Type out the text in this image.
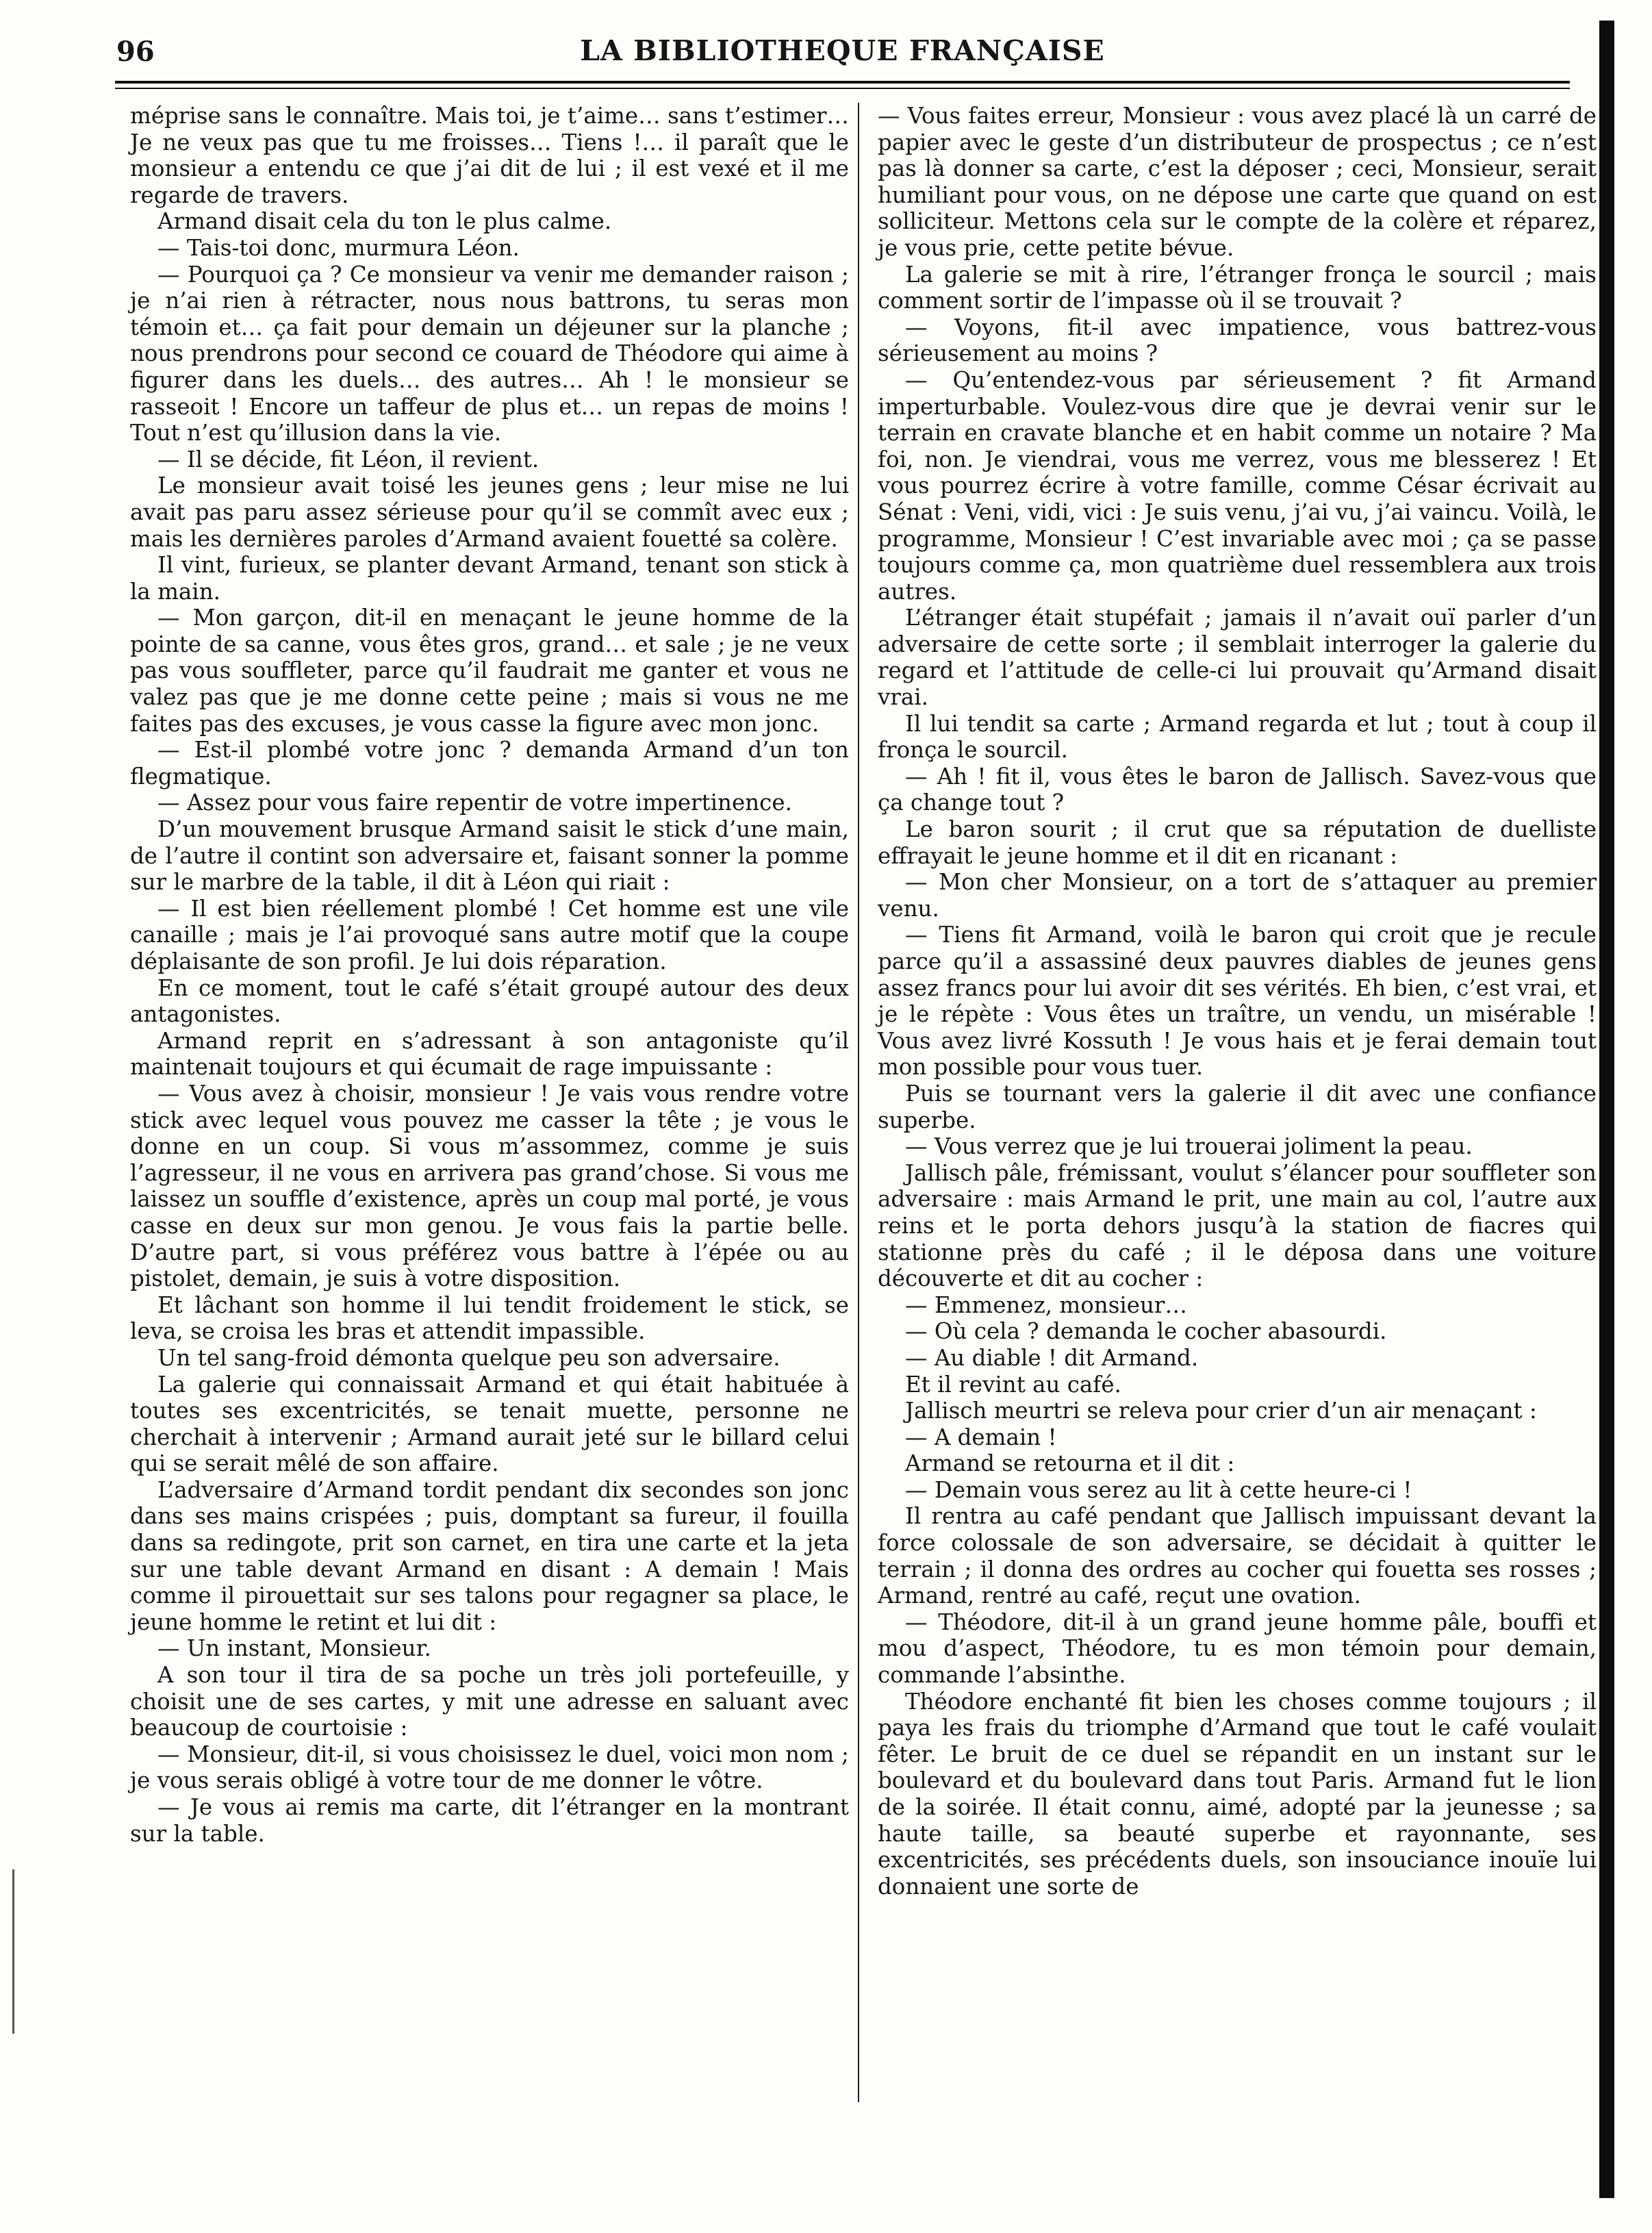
96	LA BIBLIOTHEQUE FRANÇAISE

méprise sans le connaître. Mais toi, je t’aime… sans t’estimer… Je ne veux pas que tu me froisses… Tiens !… il paraît que le monsieur a entendu ce que j’ai dit de lui ; il est vexé et il me regarde de travers.

Armand disait cela du ton le plus calme.

— Tais-toi donc, murmura Léon.

— Pourquoi ça ? Ce monsieur va venir me demander raison ; je n’ai rien à rétracter, nous nous battrons, tu seras mon témoin et… ça fait pour demain un déjeuner sur la planche ; nous prendrons pour second ce couard de Théodore qui aime à figurer dans les duels… des autres… Ah ! le monsieur se rasseoit ! Encore un taffeur de plus et… un repas de moins ! Tout n’est qu’illusion dans la vie.

— Il se décide, fit Léon, il revient.

Le monsieur avait toisé les jeunes gens ; leur mise ne lui avait pas paru assez sérieuse pour qu’il se commît avec eux ; mais les dernières paroles d’Armand avaient fouetté sa colère.

Il vint, furieux, se planter devant Armand, tenant son stick à la main.

— Mon garçon, dit-il en menaçant le jeune homme de la pointe de sa canne, vous êtes gros, grand… et sale ; je ne veux pas vous souffleter, parce qu’il faudrait me ganter et vous ne valez pas que je me donne cette peine ; mais si vous ne me faites pas des excuses, je vous casse la figure avec mon jonc.

— Est-il plombé votre jonc ? demanda Armand d’un ton flegmatique.

— Assez pour vous faire repentir de votre impertinence.

D’un mouvement brusque Armand saisit le stick d’une main, de l’autre il contint son adversaire et, faisant sonner la pomme sur le marbre de la table, il dit à Léon qui riait :

— Il est bien réellement plombé ! Cet homme est une vile canaille ; mais je l’ai provoqué sans autre motif que la coupe déplaisante de son profil. Je lui dois réparation.

En ce moment, tout le café s’était groupé autour des deux antagonistes.

Armand reprit en s’adressant à son antagoniste qu’il maintenait toujours et qui écumait de rage impuissante :

— Vous avez à choisir, monsieur ! Je vais vous rendre votre stick avec lequel vous pouvez me casser la tête ; je vous le donne en un coup. Si vous m’assommez, comme je suis l’agresseur, il ne vous en arrivera pas grand’chose. Si vous me laissez un souffle d’existence, après un coup mal porté, je vous casse en deux sur mon genou. Je vous fais la partie belle. D’autre part, si vous préférez vous battre à l’épée ou au pistolet, demain, je suis à votre disposition.

Et lâchant son homme il lui tendit froidement le stick, se leva, se croisa les bras et attendit impassible.

Un tel sang-froid démonta quelque peu son adversaire.

La galerie qui connaissait Armand et qui était habituée à toutes ses excentricités, se tenait muette, personne ne cherchait à intervenir ; Armand aurait jeté sur le billard celui qui se serait mêlé de son affaire.

L’adversaire d’Armand tordit pendant dix secondes son jonc dans ses mains crispées ; puis, domptant sa fureur, il fouilla dans sa redingote, prit son carnet, en tira une carte et la jeta sur une table devant Armand en disant : A demain ! Mais comme il pirouettait sur ses talons pour regagner sa place, le jeune homme le retint et lui dit :

— Un instant, Monsieur.

A son tour il tira de sa poche un très joli portefeuille, y choisit une de ses cartes, y mit une adresse en saluant avec beaucoup de courtoisie :

— Monsieur, dit-il, si vous choisissez le duel, voici mon nom ; je vous serais obligé à votre tour de me donner le vôtre.

— Je vous ai remis ma carte, dit l’étranger en la montrant sur la table.

— Vous faites erreur, Monsieur : vous avez placé là un carré de papier avec le geste d’un distributeur de prospectus ; ce n’est pas là donner sa carte, c’est la déposer ; ceci, Monsieur, serait humiliant pour vous, on ne dépose une carte que quand on est solliciteur. Mettons cela sur le compte de la colère et réparez, je vous prie, cette petite bévue.

La galerie se mit à rire, l’étranger fronça le sourcil ; mais comment sortir de l’impasse où il se trouvait ?

— Voyons, fit-il avec impatience, vous battrez-vous sérieusement au moins ?

— Qu’entendez-vous par sérieusement ? fit Armand imperturbable. Voulez-vous dire que je devrai venir sur le terrain en cravate blanche et en habit comme un notaire ? Ma foi, non. Je viendrai, vous me verrez, vous me blesserez ! Et vous pourrez écrire à votre famille, comme César écrivait au Sénat : Veni, vidi, vici : Je suis venu, j’ai vu, j’ai vaincu. Voilà, le programme, Monsieur ! C’est invariable avec moi ; ça se passe toujours comme ça, mon quatrième duel ressemblera aux trois autres.

L’étranger était stupéfait ; jamais il n’avait ouï parler d’un adversaire de cette sorte ; il semblait interroger la galerie du regard et l’attitude de celle-ci lui prouvait qu’Armand disait vrai.

Il lui tendit sa carte ; Armand regarda et lut ; tout à coup il fronça le sourcil.

— Ah ! fit il, vous êtes le baron de Jallisch. Savez-vous que ça change tout ?

Le baron sourit ; il crut que sa réputation de duelliste effrayait le jeune homme et il dit en ricanant :

— Mon cher Monsieur, on a tort de s’attaquer au premier venu.

— Tiens fit Armand, voilà le baron qui croit que je recule parce qu’il a assassiné deux pauvres diables de jeunes gens assez francs pour lui avoir dit ses vérités. Eh bien, c’est vrai, et je le répète : Vous êtes un traître, un vendu, un misérable ! Vous avez livré Kossuth ! Je vous hais et je ferai demain tout mon possible pour vous tuer.

Puis se tournant vers la galerie il dit avec une confiance superbe.

— Vous verrez que je lui trouerai joliment la peau.

Jallisch pâle, frémissant, voulut s’élancer pour souffleter son adversaire : mais Armand le prit, une main au col, l’autre aux reins et le porta dehors jusqu’à la station de fiacres qui stationne près du café ; il le déposa dans une voiture découverte et dit au cocher :

— Emmenez, monsieur…

— Où cela ? demanda le cocher abasourdi.

— Au diable ! dit Armand.

Et il revint au café.

Jallisch meurtri se releva pour crier d’un air menaçant :

— A demain !

Armand se retourna et il dit :

— Demain vous serez au lit à cette heure-ci !

Il rentra au café pendant que Jallisch impuissant devant la force colossale de son adversaire, se décidait à quitter le terrain ; il donna des ordres au cocher qui fouetta ses rosses ; Armand, rentré au café, reçut une ovation.

— Théodore, dit-il à un grand jeune homme pâle, bouffi et mou d’aspect, Théodore, tu es mon témoin pour demain, commande l’absinthe.

Théodore enchanté fit bien les choses comme toujours ; il paya les frais du triomphe d’Armand que tout le café voulait fêter. Le bruit de ce duel se répandit en un instant sur le boulevard et du boulevard dans tout Paris. Armand fut le lion de la soirée. Il était connu, aimé, adopté par la jeunesse ; sa haute taille, sa beauté superbe et rayonnante, ses excentricités, ses précédents duels, son insouciance inouïe lui donnaient une sorte de
